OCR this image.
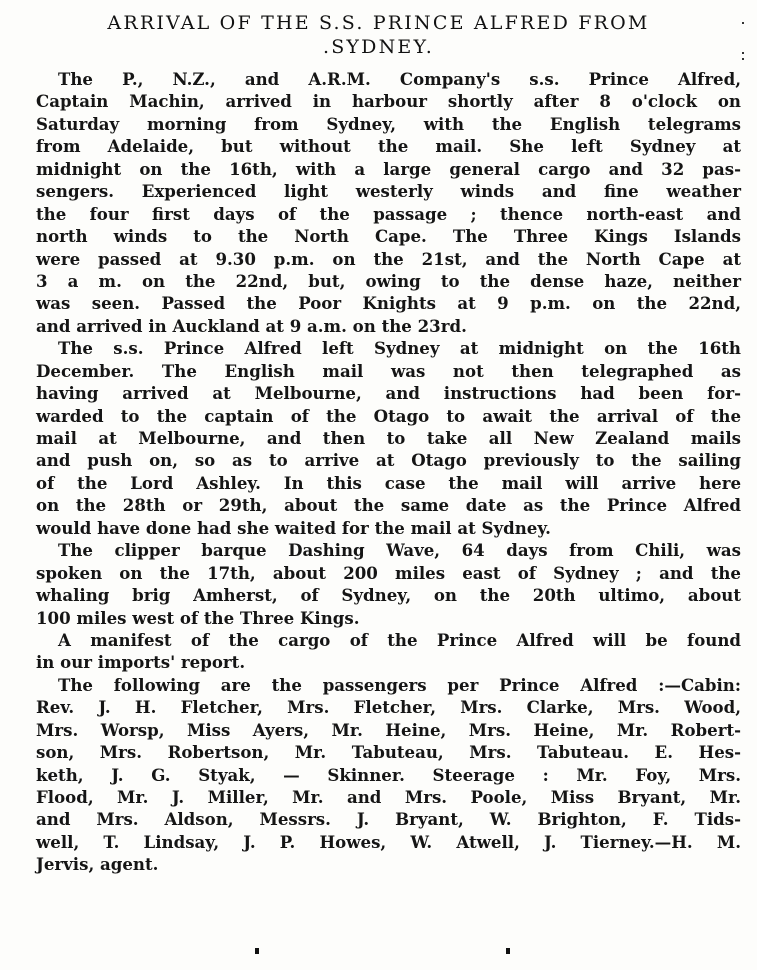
ARRIVAL OF THE S.S. PRINCE ALFRED FROM
.SYDNEY.
The P., N.Z., and A.R.M. Company's s.s. Prince Alfred,
Captain Machin, arrived in harbour shortly after 8 o'clock on
Saturday morning from Sydney, with the English telegrams
from Adelaide, but without the mail. She left Sydney at
midnight on the 16th, with a large general cargo and 32 pas-
sengers. Experienced light westerly winds and fine weather
the four first days of the passage ; thence north-east and
north winds to the North Cape. The Three Kings Islands
were passed at 9.30 p.m. on the 21st, and the North Cape at
3 a m. on the 22nd, but, owing to the dense haze, neither
was seen. Passed the Poor Knights at 9 p.m. on the 22nd,
and arrived in Auckland at 9 a.m. on the 23rd.
The s.s. Prince Alfred left Sydney at midnight on the 16th
December. The English mail was not then telegraphed as
having arrived at Melbourne, and instructions had been for-
warded to the captain of the Otago to await the arrival of the
mail at Melbourne, and then to take all New Zealand mails
and push on, so as to arrive at Otago previously to the sailing
of the Lord Ashley. In this case the mail will arrive here
on the 28th or 29th, about the same date as the Prince Alfred
would have done had she waited for the mail at Sydney.
The clipper barque Dashing Wave, 64 days from Chili, was
spoken on the 17th, about 200 miles east of Sydney ; and the
whaling brig Amherst, of Sydney, on the 20th ultimo, about
100 miles west of the Three Kings.
A manifest of the cargo of the Prince Alfred will be found
in our imports' report.
The following are the passengers per Prince Alfred :—Cabin:
Rev. J. H. Fletcher, Mrs. Fletcher, Mrs. Clarke, Mrs. Wood,
Mrs. Worsp, Miss Ayers, Mr. Heine, Mrs. Heine, Mr. Robert-
son, Mrs. Robertson, Mr. Tabuteau, Mrs. Tabuteau. E. Hes-
keth, J. G. Styak, — Skinner. Steerage : Mr. Foy, Mrs.
Flood, Mr. J. Miller, Mr. and Mrs. Poole, Miss Bryant, Mr.
and Mrs. Aldson, Messrs. J. Bryant, W. Brighton, F. Tids-
well, T. Lindsay, J. P. Howes, W. Atwell, J. Tierney.—H. M.
Jervis, agent.
